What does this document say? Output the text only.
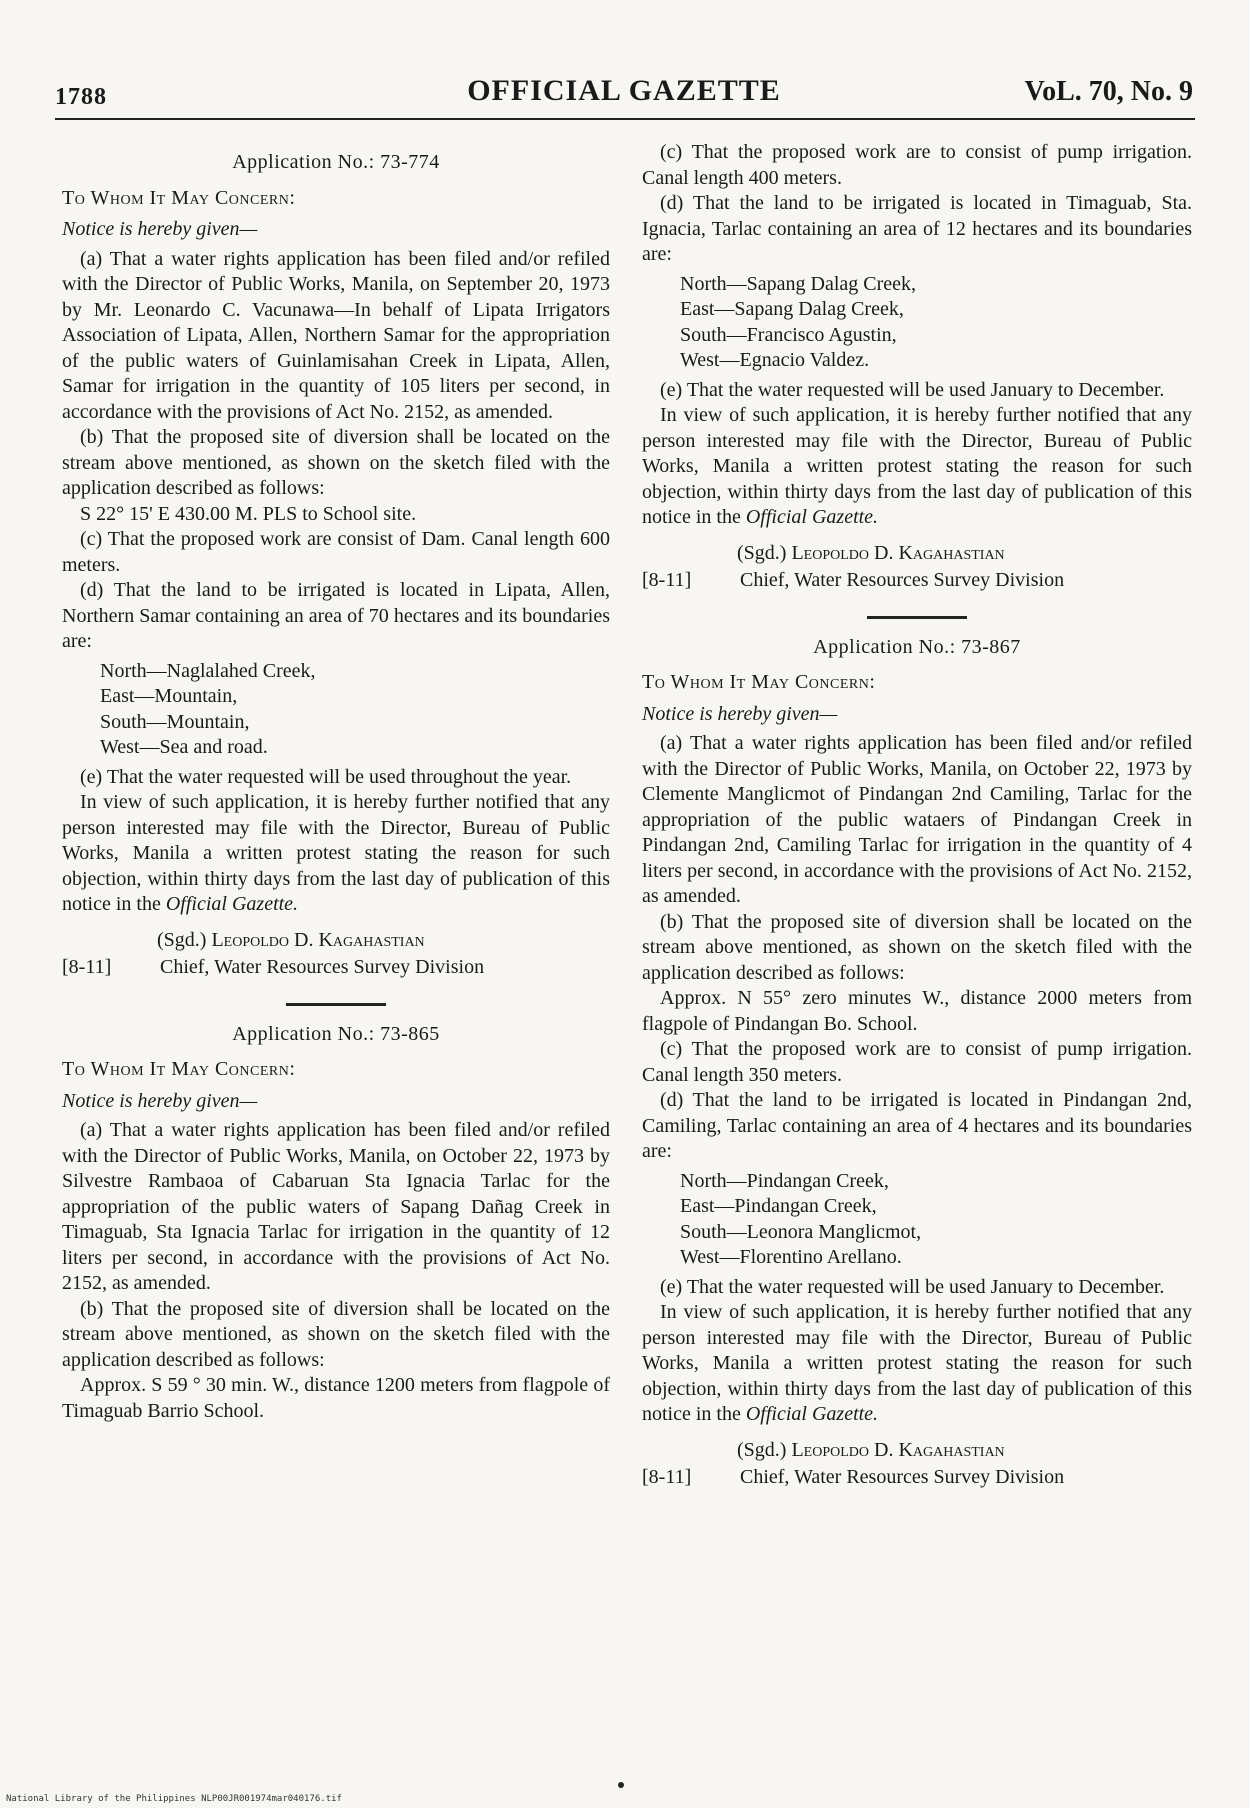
1788	OFFICIAL GAZETTE	VoL. 70, No. 9
Application No.: 73-774
To Whom It May Concern:
Notice is hereby given—

(a) That a water rights application has been filed and/or refiled with the Director of Public Works, Manila, on September 20, 1973 by Mr. Leonardo C. Vacunawa—In behalf of Lipata Irrigators Association of Lipata, Allen, Northern Samar for the appropriation of the public waters of Guinlamisahan Creek in Lipata, Allen, Samar for irrigation in the quantity of 105 liters per second, in accordance with the provisions of Act No. 2152, as amended.

(b) That the proposed site of diversion shall be located on the stream above mentioned, as shown on the sketch filed with the application described as follows:

S 22° 15' E 430.00 M. PLS to School site.

(c) That the proposed work are consist of Dam. Canal length 600 meters.

(d) That the land to be irrigated is located in Lipata, Allen, Northern Samar containing an area of 70 hectares and its boundaries are:

North—Naglalahed Creek,
East—Mountain,
South—Mountain,
West—Sea and road.

(e) That the water requested will be used throughout the year.

In view of such application, it is hereby further notified that any person interested may file with the Director, Bureau of Public Works, Manila a written protest stating the reason for such objection, within thirty days from the last day of publication of this notice in the Official Gazette.

(Sgd.) Leopoldo D. Kagahastian
[8-11]	Chief, Water Resources Survey Division
Application No.: 73-865
To Whom It May Concern:
Notice is hereby given—

(a) That a water rights application has been filed and/or refiled with the Director of Public Works, Manila, on October 22, 1973 by Silvestre Rambaoa of Cabaruan Sta Ignacia Tarlac for the appropriation of the public waters of Sapang Dañag Creek in Timaguab, Sta Ignacia Tarlac for irrigation in the quantity of 12 liters per second, in accordance with the provisions of Act No. 2152, as amended.

(b) That the proposed site of diversion shall be located on the stream above mentioned, as shown on the sketch filed with the application described as follows:

Approx. S 59 ° 30 min. W., distance 1200 meters from flagpole of Timaguab Barrio School.

(c) That the proposed work are to consist of pump irrigation. Canal length 400 meters.

(d) That the land to be irrigated is located in Timaguab, Sta. Ignacia, Tarlac containing an area of 12 hectares and its boundaries are:

North—Sapang Dalag Creek,
East—Sapang Dalag Creek,
South—Francisco Agustin,
West—Egnacio Valdez.

(e) That the water requested will be used January to December.

In view of such application, it is hereby further notified that any person interested may file with the Director, Bureau of Public Works, Manila a written protest stating the reason for such objection, within thirty days from the last day of publication of this notice in the Official Gazette.

(Sgd.) Leopoldo D. Kagahastian
[8-11]	Chief, Water Resources Survey Division
Application No.: 73-867
To Whom It May Concern:
Notice is hereby given—

(a) That a water rights application has been filed and/or refiled with the Director of Public Works, Manila, on October 22, 1973 by Clemente Manglicmot of Pindangan 2nd Camiling, Tarlac for the appropriation of the public wataers of Pindangan Creek in Pindangan 2nd, Camiling Tarlac for irrigation in the quantity of 4 liters per second, in accordance with the provisions of Act No. 2152, as amended.

(b) That the proposed site of diversion shall be located on the stream above mentioned, as shown on the sketch filed with the application described as follows:

Approx. N 55° zero minutes W., distance 2000 meters from flagpole of Pindangan Bo. School.

(c) That the proposed work are to consist of pump irrigation. Canal length 350 meters.

(d) That the land to be irrigated is located in Pindangan 2nd, Camiling, Tarlac containing an area of 4 hectares and its boundaries are:

North—Pindangan Creek,
East—Pindangan Creek,
South—Leonora Manglicmot,
West—Florentino Arellano.

(e) That the water requested will be used January to December.

In view of such application, it is hereby further notified that any person interested may file with the Director, Bureau of Public Works, Manila a written protest stating the reason for such objection, within thirty days from the last day of publication of this notice in the Official Gazette.

(Sgd.) Leopoldo D. Kagahastian
[8-11]	Chief, Water Resources Survey Division
National Library of the Philippines NLP00JR001974mar040176.tif
